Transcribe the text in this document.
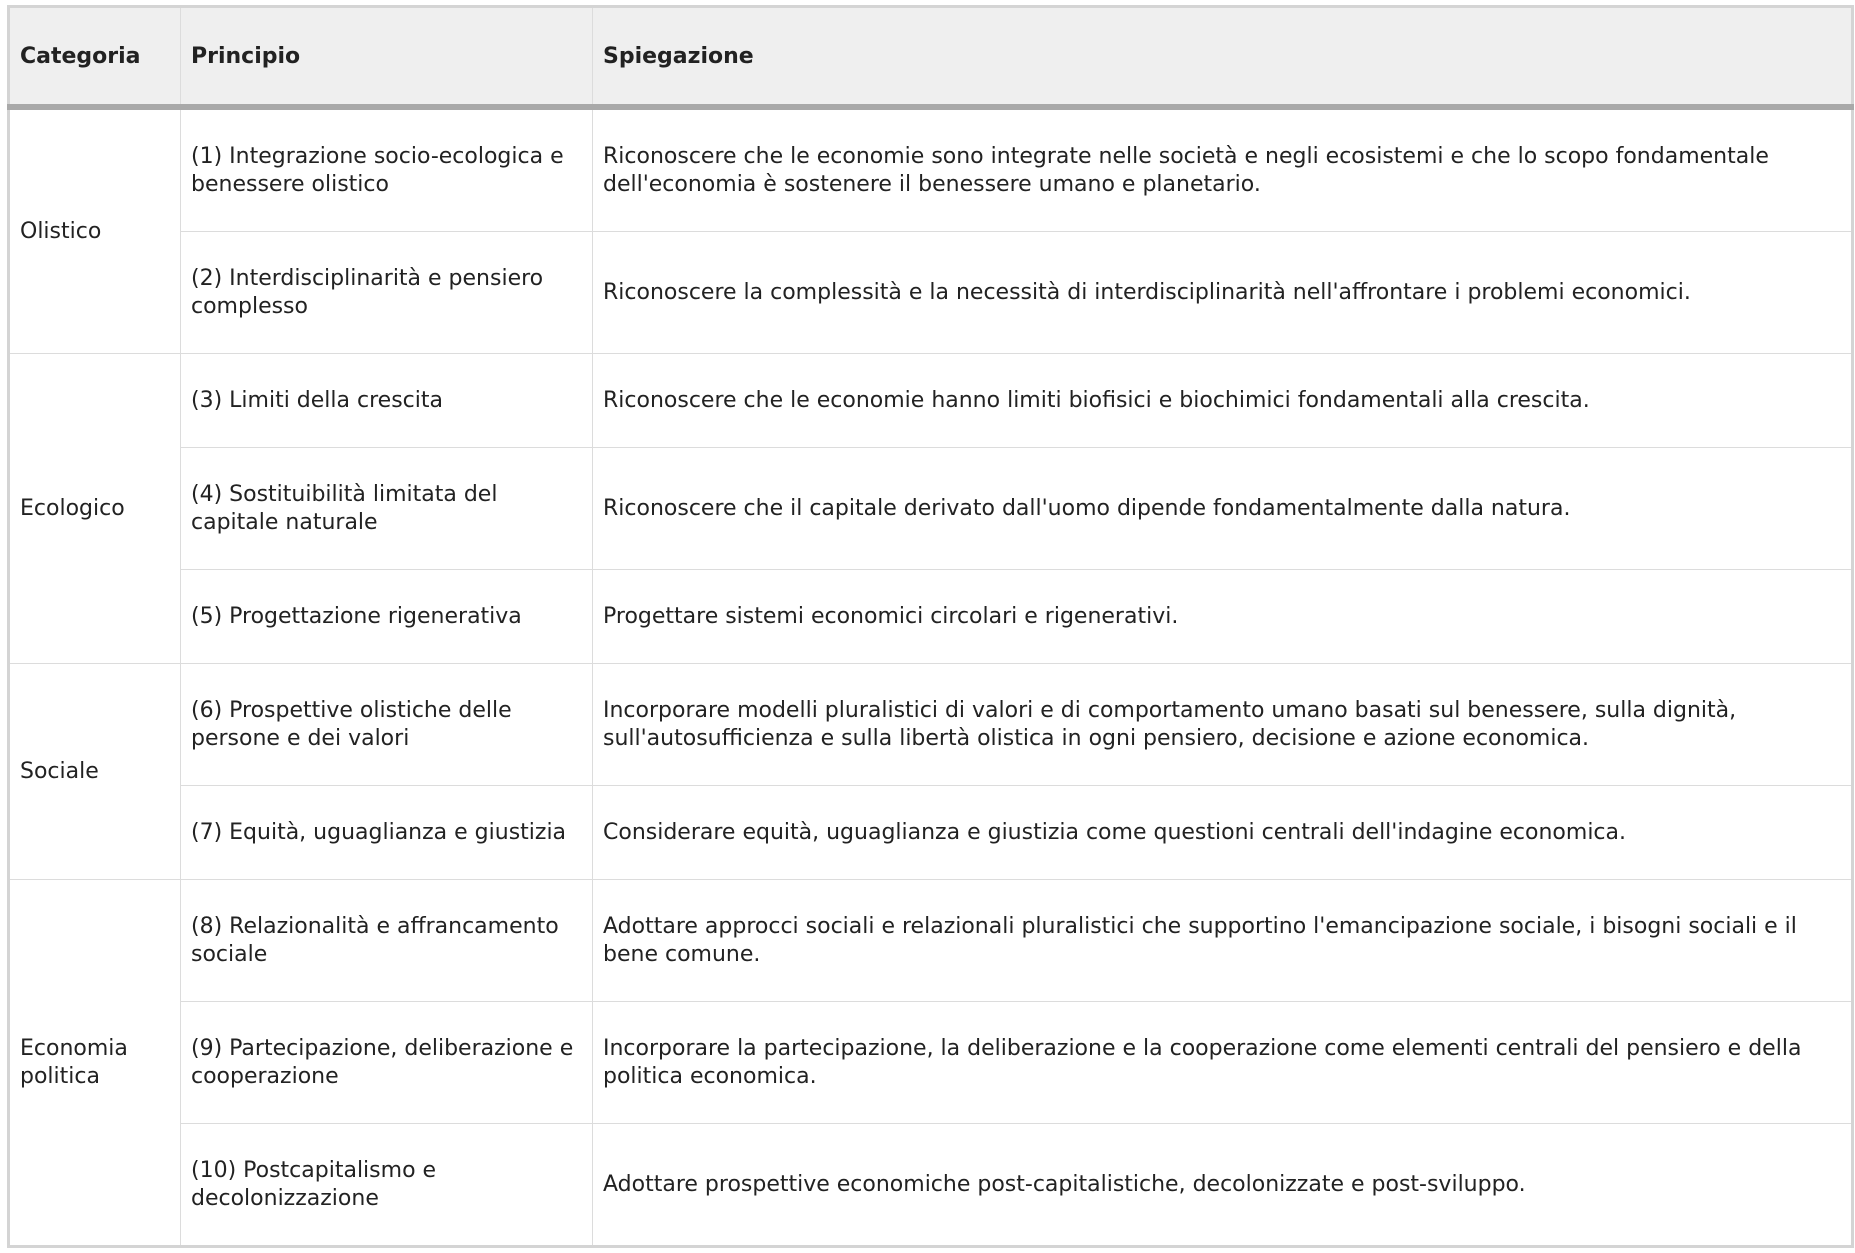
Categoria	Principio	Spiegazione
Olistico	(1) Integrazione socio-ecologica e benessere olistico	Riconoscere che le economie sono integrate nelle società e negli ecosistemi e che lo scopo fondamentale dell'economia è sostenere il benessere umano e planetario.
	(2) Interdisciplinarità e pensiero complesso	Riconoscere la complessità e la necessità di interdisciplinarità nell'affrontare i problemi economici.
Ecologico	(3) Limiti della crescita	Riconoscere che le economie hanno limiti biofisici e biochimici fondamentali alla crescita.
	(4) Sostituibilità limitata del capitale naturale	Riconoscere che il capitale derivato dall'uomo dipende fondamentalmente dalla natura.
	(5) Progettazione rigenerativa	Progettare sistemi economici circolari e rigenerativi.
Sociale	(6) Prospettive olistiche delle persone e dei valori	Incorporare modelli pluralistici di valori e di comportamento umano basati sul benessere, sulla dignità, sull'autosufficienza e sulla libertà olistica in ogni pensiero, decisione e azione economica.
	(7) Equità, uguaglianza e giustizia	Considerare equità, uguaglianza e giustizia come questioni centrali dell'indagine economica.
Economia politica	(8) Relazionalità e affrancamento sociale	Adottare approcci sociali e relazionali pluralistici che supportino l'emancipazione sociale, i bisogni sociali e il bene comune.
	(9) Partecipazione, deliberazione e cooperazione	Incorporare la partecipazione, la deliberazione e la cooperazione come elementi centrali del pensiero e della politica economica.
	(10) Postcapitalismo e decolonizzazione	Adottare prospettive economiche post-capitalistiche, decolonizzate e post-sviluppo.
